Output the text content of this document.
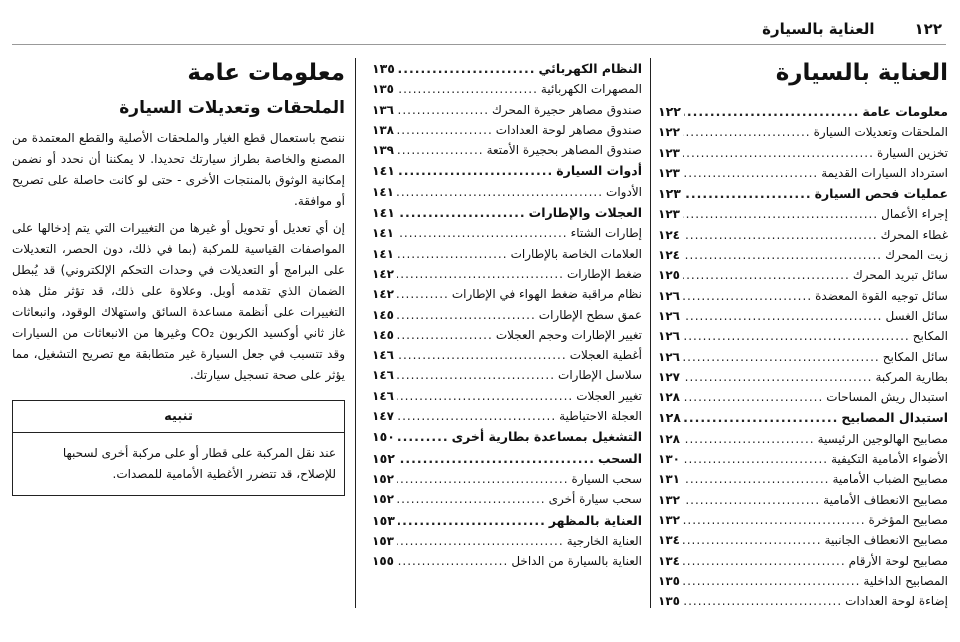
١٢٢
العناية بالسيارة
العناية بالسيارة
معلومات عامة
.....
١٢٢
الملحقات وتعديلات السيارة
.....
١٢٢
تخزين السيارة
.....
١٢٣
استرداد السيارات القديمة
.....
١٢٣
عمليات فحص السيارة
.....
١٢٣
إجراء الأعمال
.....
١٢٣
غطاء المحرك
.....
١٢٤
زيت المحرك
.....
١٢٤
سائل تبريد المحرك
.....
١٢٥
سائل توجيه القوة المعضدة
.....
١٢٦
سائل الغسل
.....
١٢٦
المكابح
.....
١٢٦
سائل المكابح
.....
١٢٦
بطارية المركبة
.....
١٢٧
استبدال ريش المساحات
.....
١٢٨
استبدال المصابيح
.....
١٢٨
مصابيح الهالوجين الرئيسية
.....
١٢٨
الأضواء الأمامية التكيفية
.....
١٣٠
مصابيح الضباب الأمامية
.....
١٣١
مصابيح الانعطاف الأمامية
.....
١٣٢
مصابيح المؤخرة
.....
١٣٢
مصابيح الانعطاف الجانبية
.....
١٣٤
مصابيح لوحة الأرقام
.....
١٣٤
المصابيح الداخلية
.....
١٣٥
إضاءة لوحة العدادات
.....
١٣٥
النظام الكهربائي
.....
١٣٥
المصهرات الكهربائية
.....
١٣٥
صندوق مصاهر حجيرة المحرك
.....
١٣٦
صندوق مصاهر لوحة العدادات
.....
١٣٨
صندوق المصاهر بحجيرة الأمتعة
.....
١٣٩
أدوات السيارة
.....
١٤١
الأدوات
.....
١٤١
العجلات والإطارات
.....
١٤١
إطارات الشتاء
.....
١٤١
العلامات الخاصة بالإطارات
.....
١٤١
ضغط الإطارات
.....
١٤٢
نظام مراقبة ضغط الهواء في الإطارات
.....
١٤٢
عمق سطح الإطارات
.....
١٤٥
تغيير الإطارات وحجم العجلات
.....
١٤٥
أغطية العجلات
.....
١٤٦
سلاسل الإطارات
.....
١٤٦
تغيير العجلات
.....
١٤٦
العجلة الاحتياطية
.....
١٤٧
التشغيل بمساعدة بطارية أخرى
.....
١٥٠
السحب
.....
١٥٢
سحب السيارة
.....
١٥٢
سحب سيارة أخرى
.....
١٥٢
العناية بالمظهر
.....
١٥٣
العناية الخارجية
.....
١٥٣
العناية بالسيارة من الداخل
.....
١٥٥
معلومات عامة
الملحقات وتعديلات السيارة

ننصح باستعمال قطع الغيار والملحقات الأصلية والقطع المعتمدة من المصنع والخاصة بطراز سيارتك تحديدا. لا يمكننا أن نحدد أو نضمن إمكانية الوثوق بالمنتجات الأخرى - حتى لو كانت حاصلة على تصريح أو موافقة.

إن أي تعديل أو تحويل أو غيرها من التغييرات التي يتم إدخالها على المواصفات القياسية للمركبة (بما في ذلك، دون الحصر، التعديلات على البرامج أو التعديلات في وحدات التحكم الإلكتروني) قد يُبطل الضمان الذي تقدمه أوبل. وعلاوة على ذلك، قد تؤثر مثل هذه التغييرات على أنظمة مساعدة السائق واستهلاك الوقود، وانبعاثات غاز ثاني أوكسيد الكربون CO₂ وغيرها من الانبعاثات من السيارات وقد تتسبب في جعل السيارة غير متطابقة مع تصريح التشغيل، مما يؤثر على صحة تسجيل سيارتك.

تنبيه
عند نقل المركبة على قطار أو على مركبة أخرى لسحبها للإصلاح، قد تتضرر الأغطية الأمامية للمصدات.
